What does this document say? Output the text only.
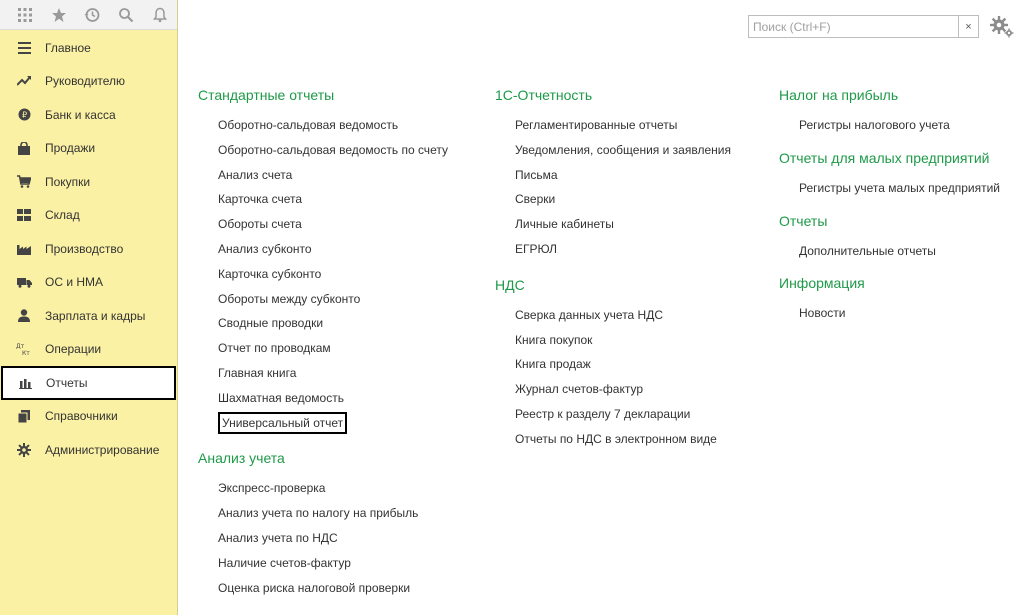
Главное
Руководителю
₽ Банк и касса
Продажи
Покупки
Склад
Производство
ОС и НМА
Зарплата и кадры
Дт
Кт Операции
Отчеты
Справочники
Администрирование
Поиск (Ctrl+F)
×
Стандартные отчеты
Оборотно-сальдовая ведомость
Оборотно-сальдовая ведомость по счету
Анализ счета
Карточка счета
Обороты счета
Анализ субконто
Карточка субконто
Обороты между субконто
Сводные проводки
Отчет по проводкам
Главная книга
Шахматная ведомость
Универсальный отчет
Анализ учета
Экспресс-проверка
Анализ учета по налогу на прибыль
Анализ учета по НДС
Наличие счетов-фактур
Оценка риска налоговой проверки
1С-Отчетность
Регламентированные отчеты
Уведомления, сообщения и заявления
Письма
Сверки
Личные кабинеты
ЕГРЮЛ
НДС
Сверка данных учета НДС
Книга покупок
Книга продаж
Журнал счетов-фактур
Реестр к разделу 7 декларации
Отчеты по НДС в электронном виде
Налог на прибыль
Регистры налогового учета
Отчеты для малых предприятий
Регистры учета малых предприятий
Отчеты
Дополнительные отчеты
Информация
Новости
